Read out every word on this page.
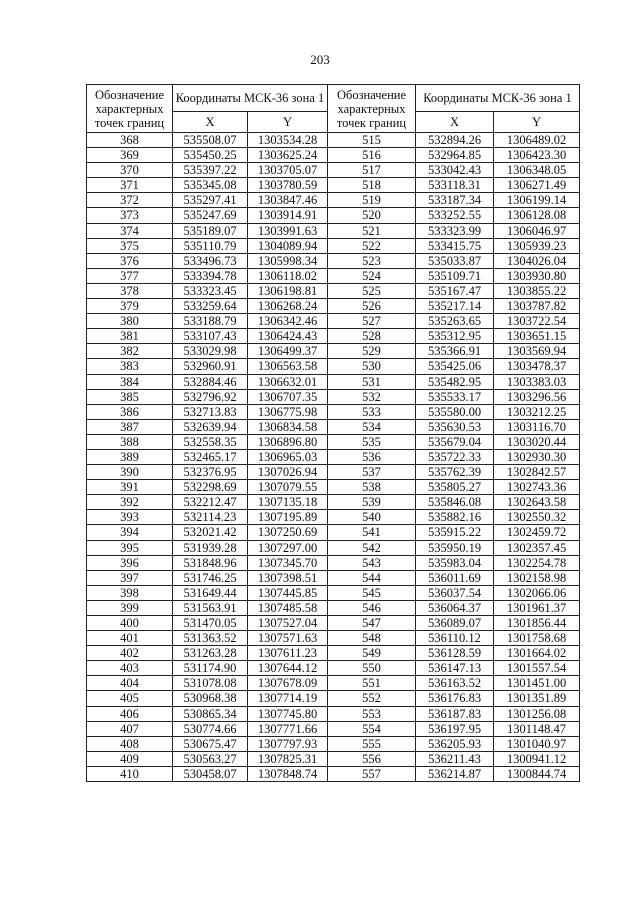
203
Обозначение характерных точек границ	Координаты МСК-36 зона 1		Обозначение характерных точек границ	Координаты МСК-36 зона 1	
	X	Y		X	Y
368	535508.07	1303534.28	515	532894.26	1306489.02
369	535450.25	1303625.24	516	532964.85	1306423.30
370	535397.22	1303705.07	517	533042.43	1306348.05
371	535345.08	1303780.59	518	533118.31	1306271.49
372	535297.41	1303847.46	519	533187.34	1306199.14
373	535247.69	1303914.91	520	533252.55	1306128.08
374	535189.07	1303991.63	521	533323.99	1306046.97
375	535110.79	1304089.94	522	533415.75	1305939.23
376	533496.73	1305998.34	523	535033.87	1304026.04
377	533394.78	1306118.02	524	535109.71	1303930.80
378	533323.45	1306198.81	525	535167.47	1303855.22
379	533259.64	1306268.24	526	535217.14	1303787.82
380	533188.79	1306342.46	527	535263.65	1303722.54
381	533107.43	1306424.43	528	535312.95	1303651.15
382	533029.98	1306499.37	529	535366.91	1303569.94
383	532960.91	1306563.58	530	535425.06	1303478.37
384	532884.46	1306632.01	531	535482.95	1303383.03
385	532796.92	1306707.35	532	535533.17	1303296.56
386	532713.83	1306775.98	533	535580.00	1303212.25
387	532639.94	1306834.58	534	535630.53	1303116.70
388	532558.35	1306896.80	535	535679.04	1303020.44
389	532465.17	1306965.03	536	535722.33	1302930.30
390	532376.95	1307026.94	537	535762.39	1302842.57
391	532298.69	1307079.55	538	535805.27	1302743.36
392	532212.47	1307135.18	539	535846.08	1302643.58
393	532114.23	1307195.89	540	535882.16	1302550.32
394	532021.42	1307250.69	541	535915.22	1302459.72
395	531939.28	1307297.00	542	535950.19	1302357.45
396	531848.96	1307345.70	543	535983.04	1302254.78
397	531746.25	1307398.51	544	536011.69	1302158.98
398	531649.44	1307445.85	545	536037.54	1302066.06
399	531563.91	1307485.58	546	536064.37	1301961.37
400	531470.05	1307527.04	547	536089.07	1301856.44
401	531363.52	1307571.63	548	536110.12	1301758.68
402	531263.28	1307611.23	549	536128.59	1301664.02
403	531174.90	1307644.12	550	536147.13	1301557.54
404	531078.08	1307678.09	551	536163.52	1301451.00
405	530968.38	1307714.19	552	536176.83	1301351.89
406	530865.34	1307745.80	553	536187.83	1301256.08
407	530774.66	1307771.66	554	536197.95	1301148.47
408	530675.47	1307797.93	555	536205.93	1301040.97
409	530563.27	1307825.31	556	536211.43	1300941.12
410	530458.07	1307848.74	557	536214.87	1300844.74
